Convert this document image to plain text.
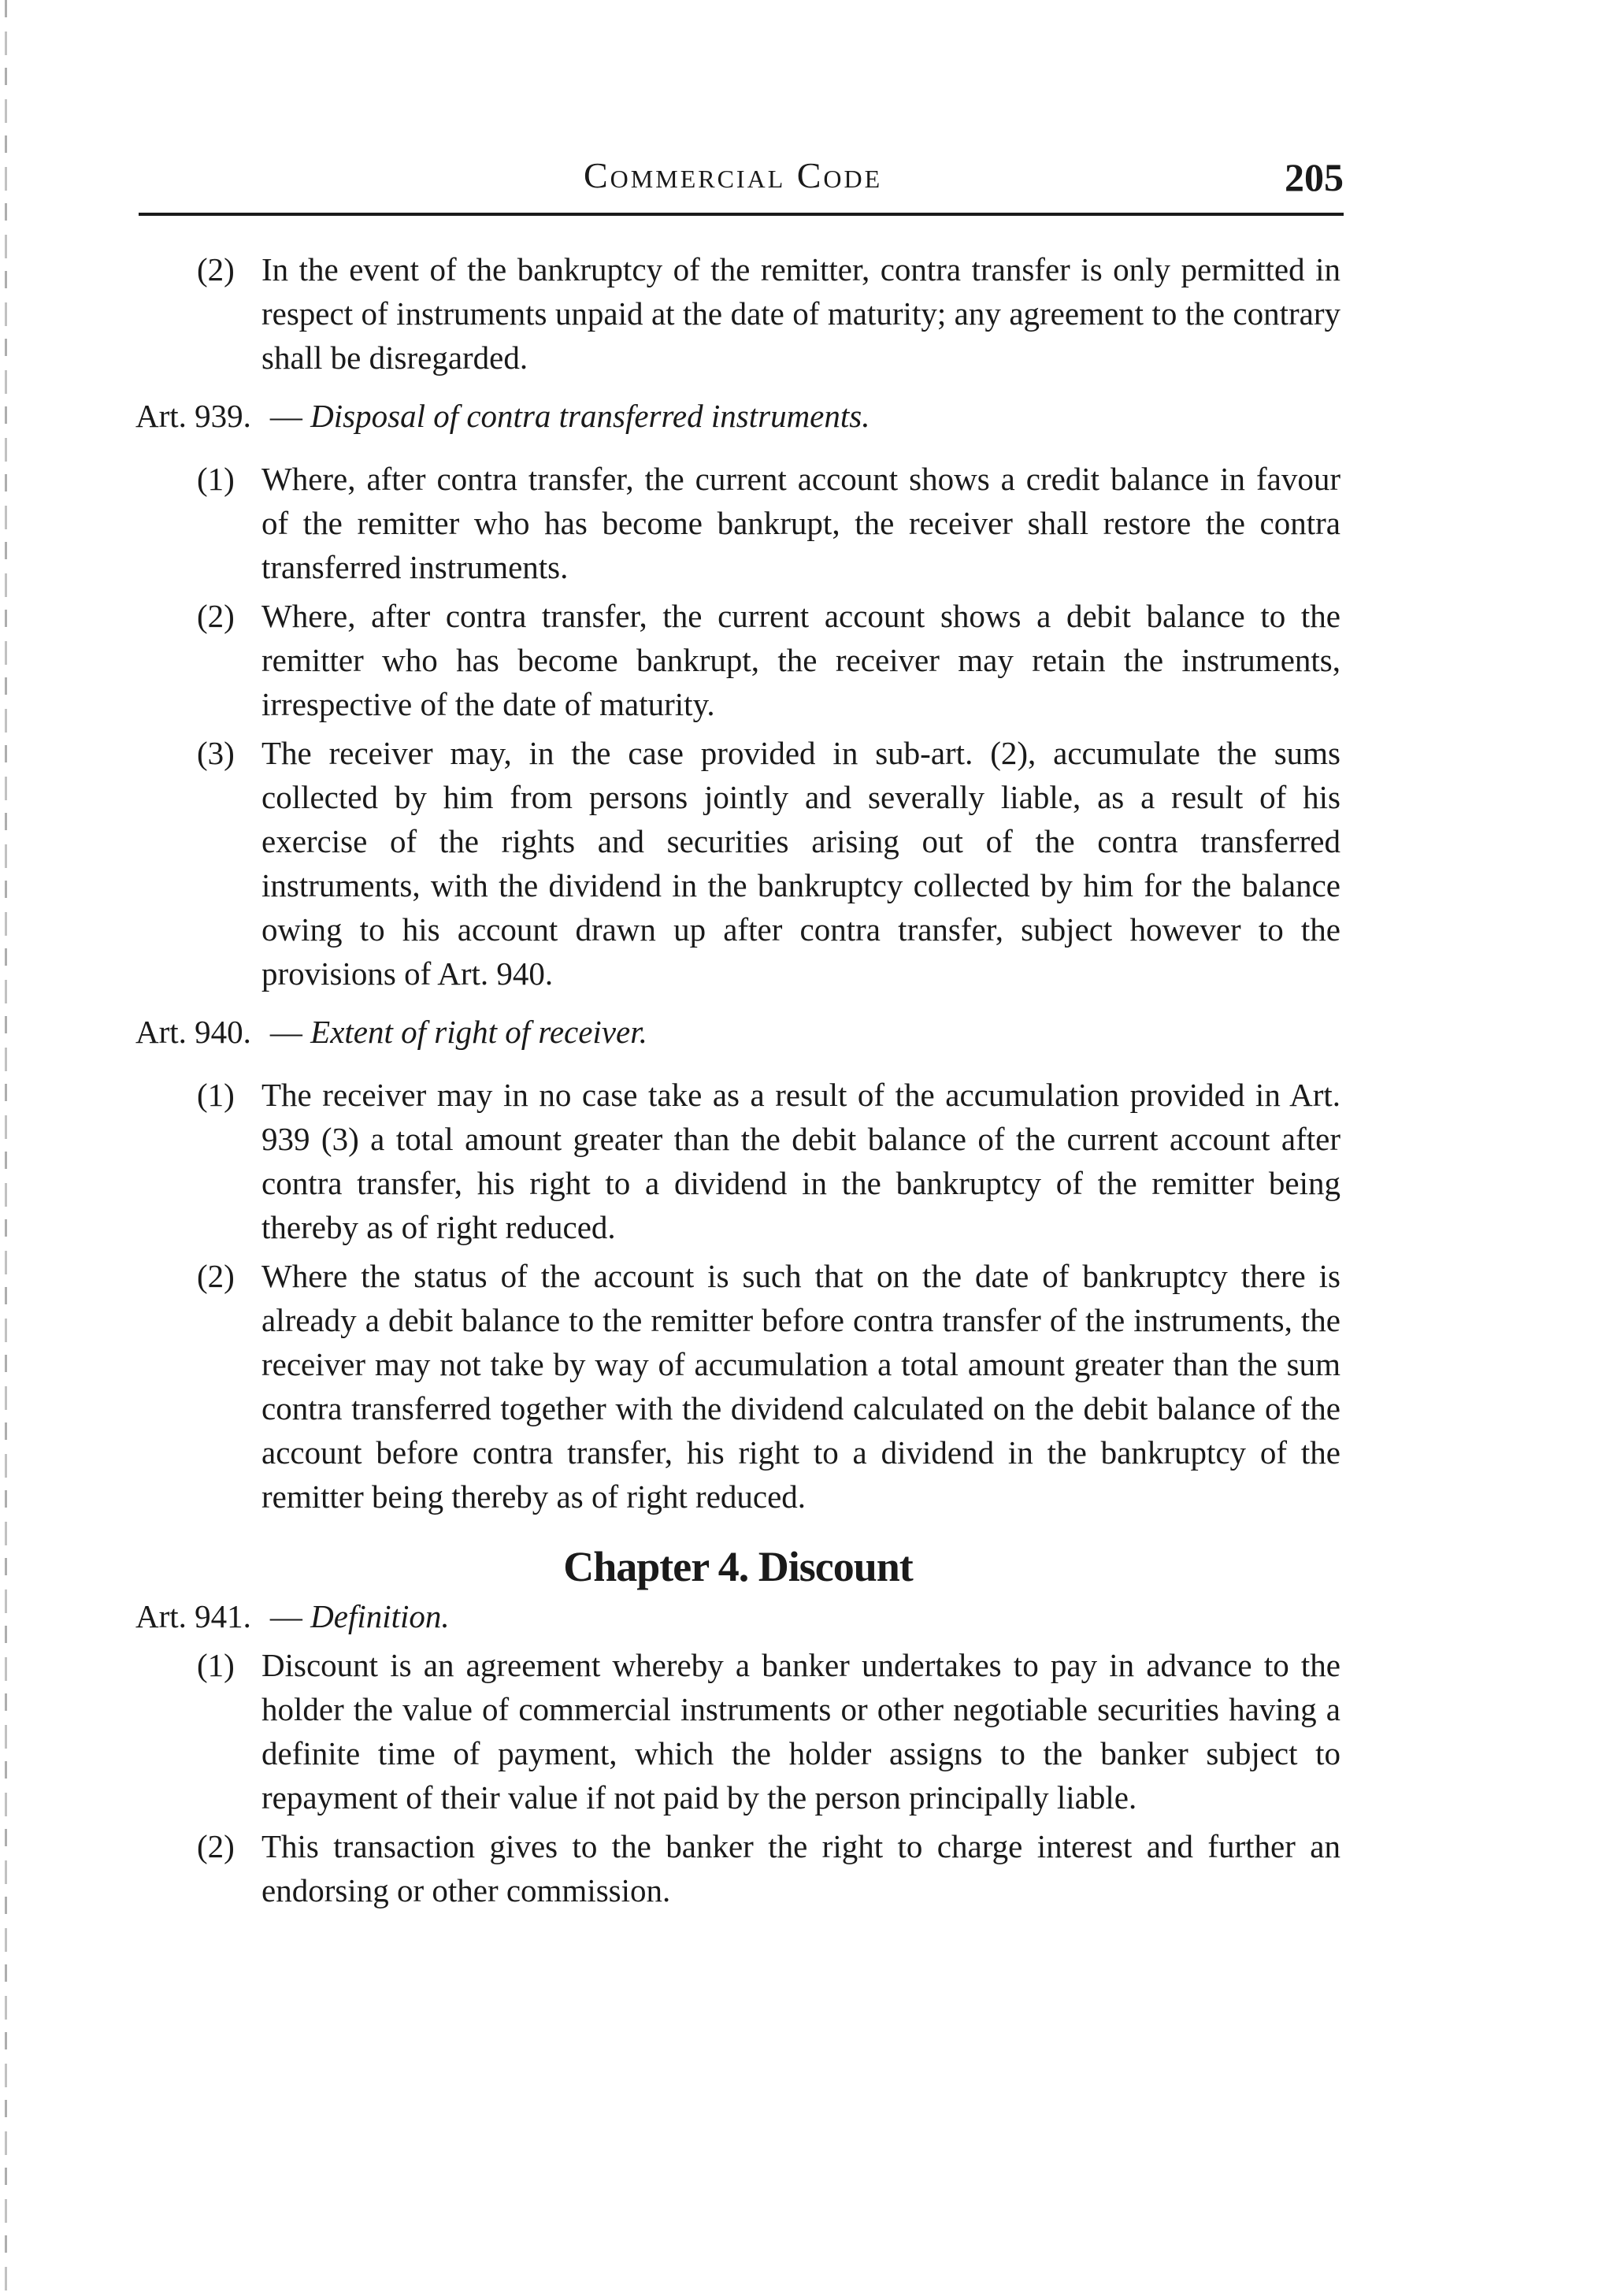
Commercial Code	205
(2) In the event of the bankruptcy of the remitter, contra transfer is only permitted in respect of instruments unpaid at the date of maturity; any agreement to the contrary shall be disregarded.
Art. 939. — Disposal of contra transferred instruments.
(1) Where, after contra transfer, the current account shows a credit balance in favour of the remitter who has become bankrupt, the receiver shall restore the contra transferred instruments.
(2) Where, after contra transfer, the current account shows a debit balance to the remitter who has become bankrupt, the receiver may retain the instruments, irrespective of the date of maturity.
(3) The receiver may, in the case provided in sub-art. (2), accumulate the sums collected by him from persons jointly and severally liable, as a result of his exercise of the rights and securities arising out of the contra transferred instruments, with the dividend in the bankruptcy collected by him for the balance owing to his account drawn up after contra transfer, subject however to the provisions of Art. 940.
Art. 940. — Extent of right of receiver.
(1) The receiver may in no case take as a result of the accumulation provided in Art. 939 (3) a total amount greater than the debit balance of the current account after contra transfer, his right to a dividend in the bankruptcy of the remitter being thereby as of right reduced.
(2) Where the status of the account is such that on the date of bankruptcy there is already a debit balance to the remitter before contra transfer of the instruments, the receiver may not take by way of accumulation a total amount greater than the sum contra transferred together with the dividend calculated on the debit balance of the account before contra transfer, his right to a dividend in the bankruptcy of the remitter being thereby as of right reduced.
Chapter 4. Discount
Art. 941. — Definition.
(1) Discount is an agreement whereby a banker undertakes to pay in advance to the holder the value of commercial instruments or other negotiable securities having a definite time of payment, which the holder assigns to the banker subject to repayment of their value if not paid by the person principally liable.
(2) This transaction gives to the banker the right to charge interest and further an endorsing or other commission.
